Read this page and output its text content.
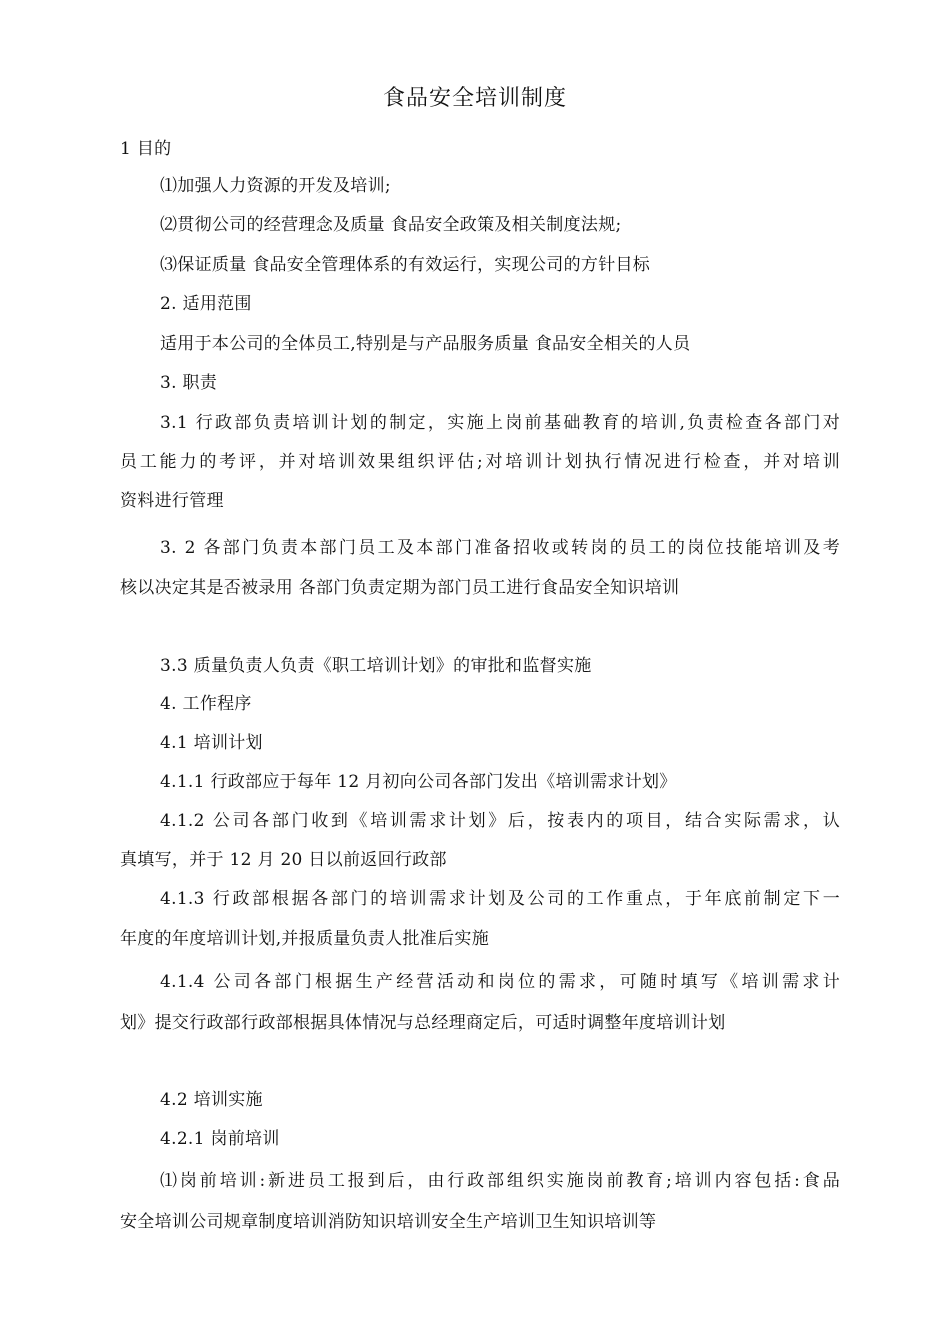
食品安全培训制度
1 目的
⑴加强人力资源的开发及培训;
⑵贯彻公司的经营理念及质量 食品安全政策及相关制度法规;
⑶保证质量 食品安全管理体系的有效运行，实现公司的方针目标
2. 适用范围
适用于本公司的全体员工,特别是与产品服务质量 食品安全相关的人员
3. 职责
3.1 行政部负责培训计划的制定，实施上岗前基础教育的培训,负责检查各部门对
员工能力的考评，并对培训效果组织评估;对培训计划执行情况进行检查，并对培训
资料进行管理
3. 2 各部门负责本部门员工及本部门准备招收或转岗的员工的岗位技能培训及考
核以决定其是否被录用 各部门负责定期为部门员工进行食品安全知识培训
3.3 质量负责人负责《职工培训计划》的审批和监督实施
4. 工作程序
4.1 培训计划
4.1.1 行政部应于每年 12 月初向公司各部门发出《培训需求计划》
4.1.2 公司各部门收到《培训需求计划》后，按表内的项目，结合实际需求，认
真填写，并于 12 月 20 日以前返回行政部
4.1.3 行政部根据各部门的培训需求计划及公司的工作重点，于年底前制定下一
年度的年度培训计划,并报质量负责人批准后实施
4.1.4 公司各部门根据生产经营活动和岗位的需求，可随时填写《培训需求计
划》提交行政部行政部根据具体情况与总经理商定后，可适时调整年度培训计划
4.2 培训实施
4.2.1 岗前培训
⑴岗前培训:新进员工报到后，由行政部组织实施岗前教育;培训内容包括:食品
安全培训公司规章制度培训消防知识培训安全生产培训卫生知识培训等
